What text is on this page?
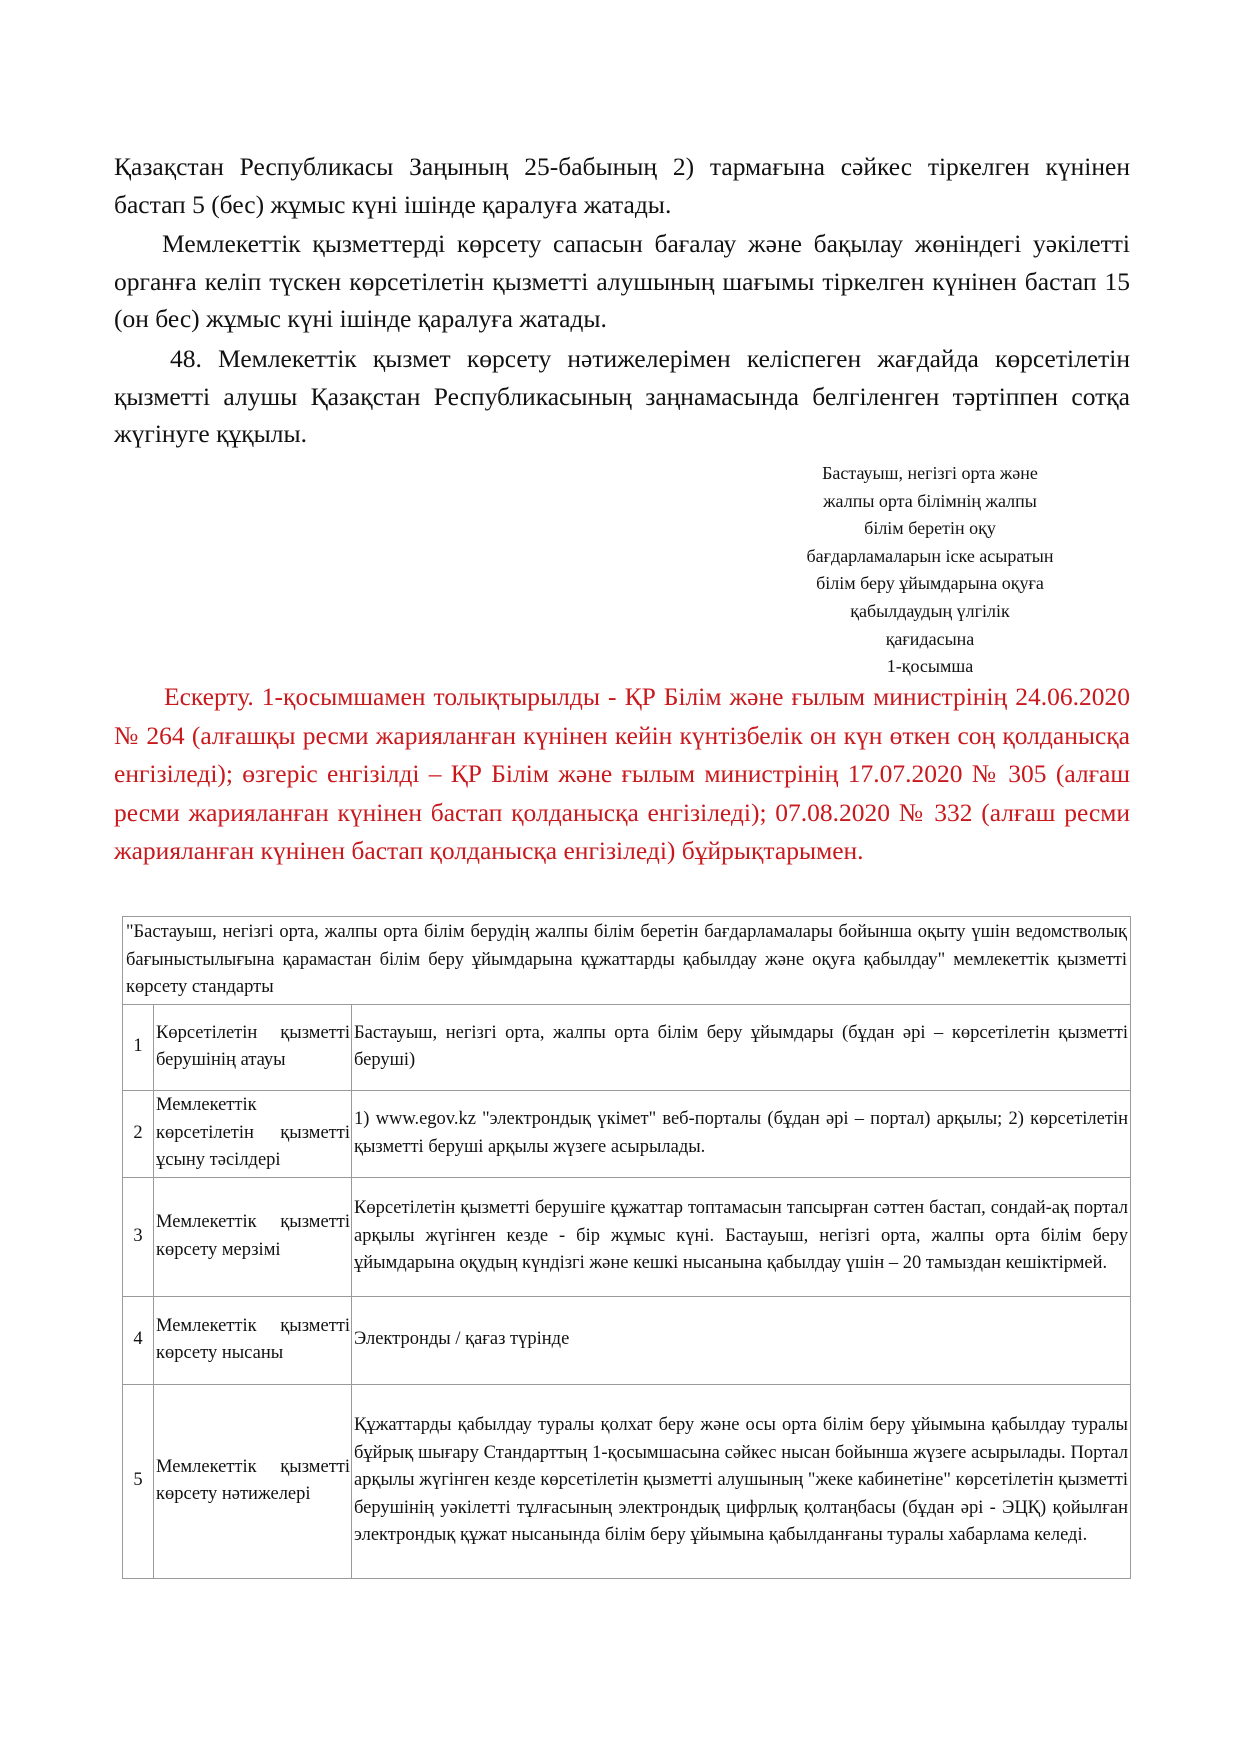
Қазақстан Республикасы Заңының 25-бабының 2) тармағына сәйкес тіркелген күнінен бастап 5 (бес) жұмыс күні ішінде қаралуға жатады.

Мемлекеттік қызметтерді көрсету сапасын бағалау және бақылау жөніндегі уәкілетті органға келіп түскен көрсетілетін қызметті алушының шағымы тіркелген күнінен бастап 15 (он бес) жұмыс күні ішінде қаралуға жатады.

48. Мемлекеттік қызмет көрсету нәтижелерімен келіспеген жағдайда көрсетілетін қызметті алушы Қазақстан Республикасының заңнамасында белгіленген тәртіппен сотқа жүгінуге құқылы.

Бастауыш, негізгі орта және
жалпы орта білімнің жалпы
білім беретін оқу
бағдарламаларын іске асыратын
білім беру ұйымдарына оқуға
қабылдаудың үлгілік
қағидасына
1-қосымша
Ескерту. 1-қосымшамен толықтырылды - ҚР Білім және ғылым министрінің 24.06.2020 № 264 (алғашқы ресми жарияланған күнінен кейін күнтізбелік он күн өткен соң қолданысқа енгізіледі); өзгеріс енгізілді – ҚР Білім және ғылым министрінің 17.07.2020 № 305 (алғаш ресми жарияланған күнінен бастап қолданысқа енгізіледі); 07.08.2020 № 332 (алғаш ресми жарияланған күнінен бастап қолданысқа енгізіледі) бұйрықтарымен.
"Бастауыш, негізгі орта, жалпы орта білім берудің жалпы білім беретін бағдарламалары бойынша оқыту үшін ведомстволық бағыныстылығына қарамастан білім беру ұйымдарына құжаттарды қабылдау және оқуға қабылдау" мемлекеттік қызметті көрсету стандарты		
1	Көрсетілетін қызметті берушінің атауы	Бастауыш, негізгі орта, жалпы орта білім беру ұйымдары (бұдан әрі – көрсетілетін қызметті беруші)
2	Мемлекеттік көрсетілетін қызметті ұсыну тәсілдері	1) www.egov.kz "электрондық үкімет" веб-порталы (бұдан әрі – портал) арқылы; 2) көрсетілетін қызметті беруші арқылы жүзеге асырылады.
3	Мемлекеттік қызметті көрсету мерзімі	Көрсетілетін қызметті берушіге құжаттар топтамасын тапсырған сәттен бастап, сондай-ақ портал арқылы жүгінген кезде - бір жұмыс күні. Бастауыш, негізгі орта, жалпы орта білім беру ұйымдарына оқудың күндізгі және кешкі нысанына қабылдау үшін – 20 тамыздан кешіктірмей.
4	Мемлекеттік қызметті көрсету нысаны	Электронды / қағаз түрінде
5	Мемлекеттік қызметті көрсету нәтижелері	Құжаттарды қабылдау туралы қолхат беру және осы орта білім беру ұйымына қабылдау туралы бұйрық шығару Стандарттың 1-қосымшасына сәйкес нысан бойынша жүзеге асырылады. Портал арқылы жүгінген кезде көрсетілетін қызметті алушының "жеке кабинетіне" көрсетілетін қызметті берушінің уәкілетті тұлғасының электрондық цифрлық қолтаңбасы (бұдан әрі - ЭЦҚ) қойылған электрондық құжат нысанында білім беру ұйымына қабылданғаны туралы хабарлама келеді.
